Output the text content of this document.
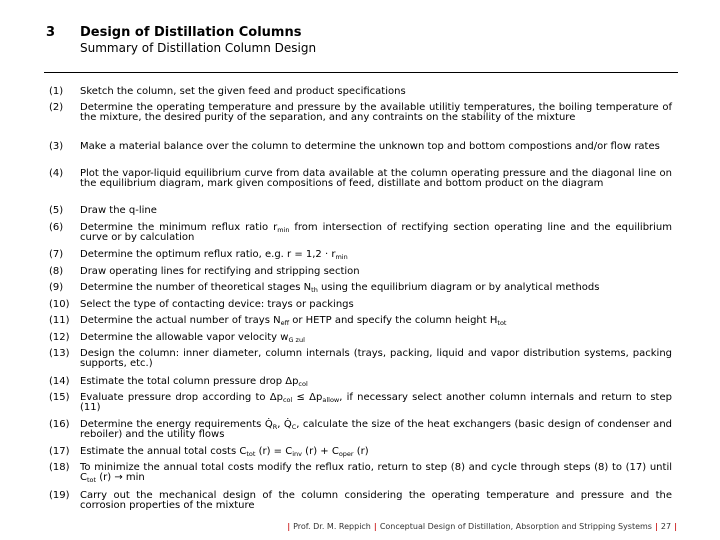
3 Design of Distillation Columns
Summary of Distillation Column Design
(1)	Sketch the column, set the given feed and product specifications
(2)	Determine the operating temperature and pressure by the available utilitiy temperatures, the boiling temperature of the mixture, the desired purity of the separation, and any contraints on the stability of the mixture
(3)	Make a material balance over the column to determine the unknown top and bottom compostions and/or flow rates
(4)	Plot the vapor-liquid equilibrium curve from data available at the column operating pressure and the diagonal line on the equilibrium diagram, mark given compositions of feed, distillate and bottom product on the diagram
(5)	Draw the q-line
(6)	Determine the minimum reflux ratio $r_{min}$ from intersection of rectifying section operating line and the equilibrium curve or by calculation
(7)	Determine the optimum reflux ratio, e.g. $r = 1,2 \cdot r_{min}$
(8)	Draw operating lines for rectifying and stripping section
(9)	Determine the number of theoretical stages $N_{th}$ using the equilibrium diagram or by analytical methods
(10)	Select the type of contacting device: trays or packings
(11)	Determine the actual number of trays $N_{eff}$ or HETP and specify the column height $H_{tot}$
(12)	Determine the allowable vapor velocity $w_{G zul}$
(13)	Design the column: inner diameter, column internals (trays, packing, liquid and vapor distribution systems, packing supports, etc.)
(14)	Estimate the total column pressure drop $\Delta p_{col}$
(15)	Evaluate pressure drop according to $\Delta p_{col} \le \Delta p_{allow}$, if necessary select another column internals and return to step (11)
(16)	Determine the energy requirements $Q̇_R$, $Q̇_C$, calculate the size of the heat exchangers (basic design of condenser and reboiler) and the utility flows
(17)	Estimate the annual total costs $C_{tot}$ $(r) = C_{inv}$ $(r) + C_{oper}$ (r)
(18)	To minimize the annual total costs modify the reflux ratio, return to step (8) and cycle through steps (8) to (17) until $C_{tot}$ (r) → min
(19)	Carry out the mechanical design of the column considering the operating temperature and pressure and the corrosion properties of the mixture
| Prof. Dr. M. Reppich | Conceptual Design of Distillation, Absorption and Stripping Systems | 27 |
